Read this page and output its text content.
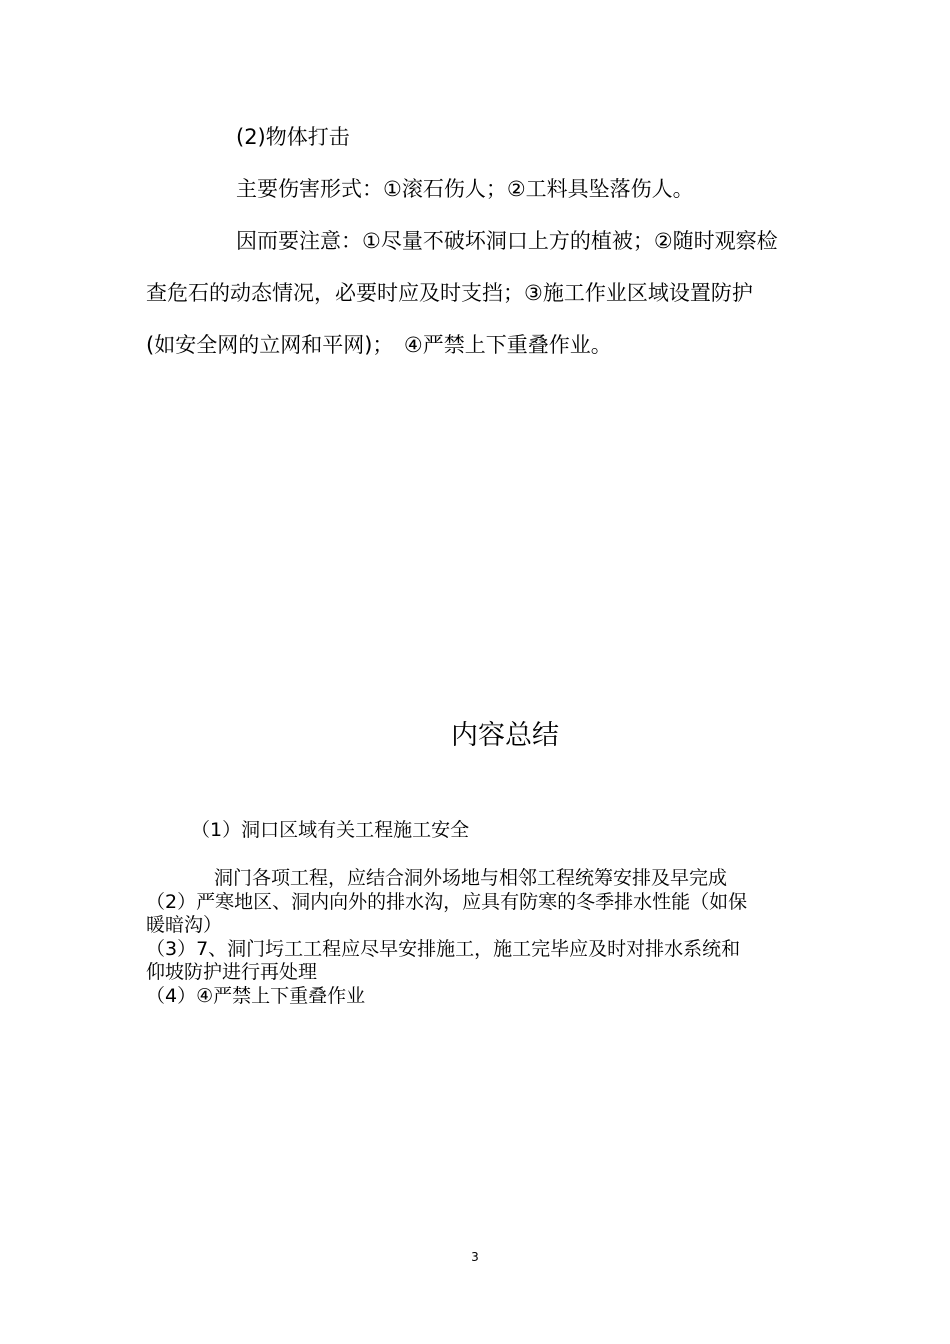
(2)物体打击
主要伤害形式：①滚石伤人；②工料具坠落伤人。
因而要注意：①尽量不破坏洞口上方的植被；②随时观察检
查危石的动态情况，必要时应及时支挡；③施工作业区域设置防护
(如安全网的立网和平网)；　④严禁上下重叠作业。
内容总结
（1）洞口区域有关工程施工安全
洞门各项工程，应结合洞外场地与相邻工程统筹安排及早完成
（2）严寒地区、洞内向外的排水沟，应具有防寒的冬季排水性能（如保
暖暗沟）
（3）7、洞门圬工工程应尽早安排施工，施工完毕应及时对排水系统和
仰坡防护进行再处理
（4）④严禁上下重叠作业
3
